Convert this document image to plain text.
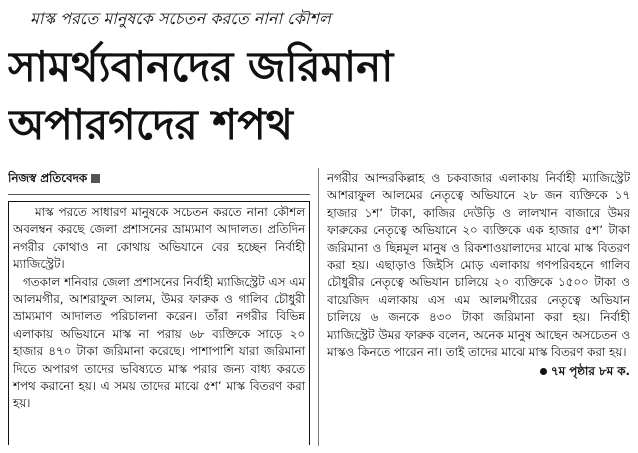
মাস্ক পরতে মানুষকে সচেতন করতে নানা কৌশল
সামর্থ্যবানদের জরিমানা
অপারগদের শপথ
নিজস্ব প্রতিবেদক

মাস্ক পরতে সাধারণ মানুষকে সচেতন করতে নানা কৌশল অবলম্বন করছে জেলা প্রশাসনের ভ্রাম্যমাণ আদালত। প্রতিদিন নগরীর কোথাও না কোথায় অভিযানে বের হচ্ছেন নির্বাহী ম্যাজিস্ট্রেট।

গতকাল শনিবার জেলা প্রশাসনের নির্বাহী ম্যাজিস্ট্রেট এস এম আলমগীর, আশরাফুল আলম, উমর ফারুক ও গালিব চৌধুরী ভ্রাম্যমাণ আদালত পরিচালনা করেন। তাঁরা নগরীর বিভিন্ন এলাকায় অভিযানে মাস্ক না পরায় ৬৮ ব্যক্তিকে সাড়ে ২০ হাজার ৪৭০ টাকা জরিমানা করেছে। পাশাপাশি যারা জরিমানা দিতে অপারগ তাদের ভবিষ্যতে মাস্ক পরার জন্য বাধ্য করতে শপথ করানো হয়। এ সময় তাদের মাঝে ৫শ’ মাস্ক বিতরণ করা হয়।

নগরীর আন্দরকিল্লাহ ও চকবাজার এলাকায় নির্বাহী ম্যাজিস্ট্রেট আশরাফুল আলমের নেতৃত্বে অভিযানে ২৮ জন ব্যক্তিকে ১৭ হাজার ১শ’ টাকা, কাজির দেউড়ি ও লালখান বাজারে উমর ফারুকের নেতৃত্বে অভিযানে ২০ ব্যক্তিকে এক হাজার ৫শ’ টাকা জরিমানা ও ছিন্নমূল মানুষ ও রিকশাওয়ালাদের মাঝে মাস্ক বিতরণ করা হয়। এছাড়াও জিইসি মোড় এলাকায় গণপরিবহনে গালিব চৌধুরীর নেতৃত্বে অভিযান চালিয়ে ২০ ব্যক্তিকে ১৫০০ টাকা ও বায়েজিদ এলাকায় এস এম আলমগীরের নেতৃত্বে অভিযান চালিয়ে ৬ জনকে ৪৩০ টাকা জরিমানা করা হয়। নির্বাহী ম্যাজিস্ট্রেট উমর ফারুক বলেন, অনেক মানুষ আছেন অসচেতন ও মাস্কও কিনতে পারেন না। তাই তাদের মাঝে মাস্ক বিতরণ করা হয়।

৭ম পৃষ্ঠার ৮ম ক.
